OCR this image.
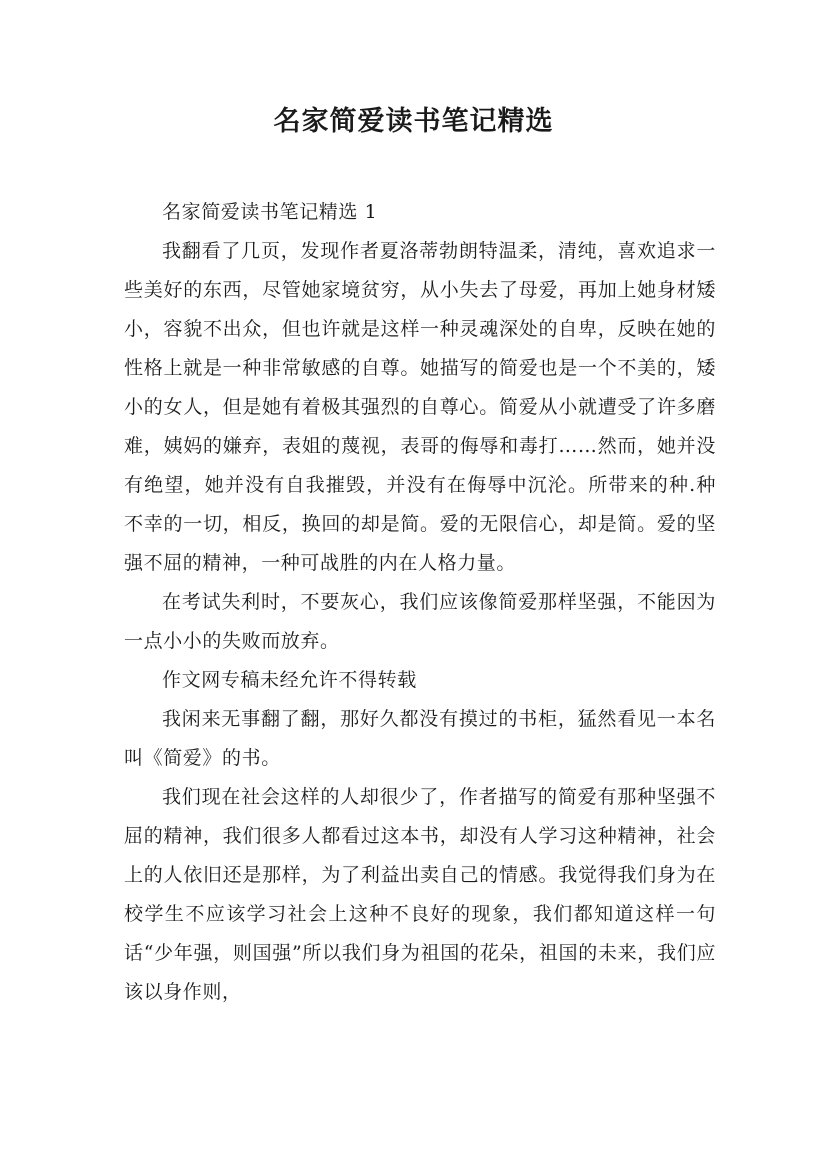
名家简爱读书笔记精选

名家简爱读书笔记精选 1

我翻看了几页，发现作者夏洛蒂勃朗特温柔，清纯，喜欢追求一些美好的东西，尽管她家境贫穷，从小失去了母爱，再加上她身材矮小，容貌不出众，但也许就是这样一种灵魂深处的自卑，反映在她的性格上就是一种非常敏感的自尊。她描写的简爱也是一个不美的，矮小的女人，但是她有着极其强烈的自尊心。简爱从小就遭受了许多磨难，姨妈的嫌弃，表姐的蔑视，表哥的侮辱和毒打……然而，她并没有绝望，她并没有自我摧毁，并没有在侮辱中沉沦。所带来的种.种不幸的一切，相反，换回的却是简。爱的无限信心，却是简。爱的坚强不屈的精神，一种可战胜的内在人格力量。

在考试失利时，不要灰心，我们应该像简爱那样坚强，不能因为一点小小的失败而放弃。

作文网专稿未经允许不得转载

我闲来无事翻了翻，那好久都没有摸过的书柜，猛然看见一本名叫《简爱》的书。

我们现在社会这样的人却很少了，作者描写的简爱有那种坚强不屈的精神，我们很多人都看过这本书，却没有人学习这种精神，社会上的人依旧还是那样，为了利益出卖自己的情感。我觉得我们身为在校学生不应该学习社会上这种不良好的现象，我们都知道这样一句话“少年强，则国强”所以我们身为祖国的花朵，祖国的未来，我们应该以身作则，
